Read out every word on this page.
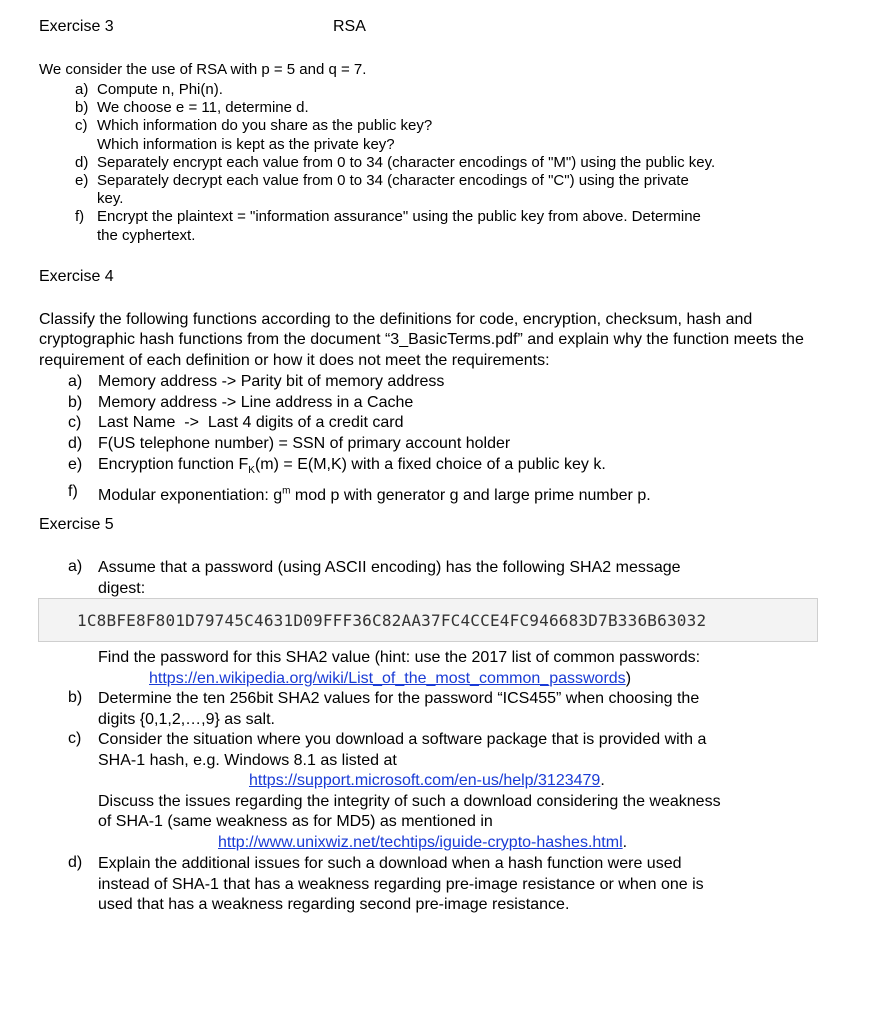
Exercise 3	RSA
We consider the use of RSA with p = 5 and q = 7.
a) Compute n, Phi(n).
b) We choose e = 11, determine d.
c) Which information do you share as the public key?
Which information is kept as the private key?
d) Separately encrypt each value from 0 to 34 (character encodings of "M") using the public key.
e) Separately decrypt each value from 0 to 34 (character encodings of "C") using the private
key.
f) Encrypt the plaintext = "information assurance" using the public key from above. Determine
the cyphertext.
Exercise 4
Classify the following functions according to the definitions for code, encryption, checksum, hash and cryptographic hash functions from the document “3_BasicTerms.pdf” and explain why the function meets the requirement of each definition or how it does not meet the requirements:
a) Memory address -> Parity bit of memory address
b) Memory address -> Line address in a Cache
c) Last Name  ->  Last 4 digits of a credit card
d) F(US telephone number) = SSN of primary account holder
e) Encryption function $F_K(m) = E(M,K)$ with a fixed choice of a public key k.
f) Modular exponentiation: $g^m$ mod p with generator g and large prime number p.
Exercise 5
a) Assume that a password (using ASCII encoding) has the following SHA2 message
digest:
1C8BFE8F801D79745C4631D09FFF36C82AA37FC4CCE4FC946683D7B336B63032
Find the password for this SHA2 value (hint: use the 2017 list of common passwords:
https://en.wikipedia.org/wiki/List_of_the_most_common_passwords)
b) Determine the ten 256bit SHA2 values for the password “ICS455” when choosing the
digits {0,1,2,…,9} as salt.
c) Consider the situation where you download a software package that is provided with a
SHA-1 hash, e.g. Windows 8.1 as listed at
https://support.microsoft.com/en-us/help/3123479.
Discuss the issues regarding the integrity of such a download considering the weakness
of SHA-1 (same weakness as for MD5) as mentioned in
http://www.unixwiz.net/techtips/iguide-crypto-hashes.html.
d) Explain the additional issues for such a download when a hash function were used
instead of SHA-1 that has a weakness regarding pre-image resistance or when one is
used that has a weakness regarding second pre-image resistance.
